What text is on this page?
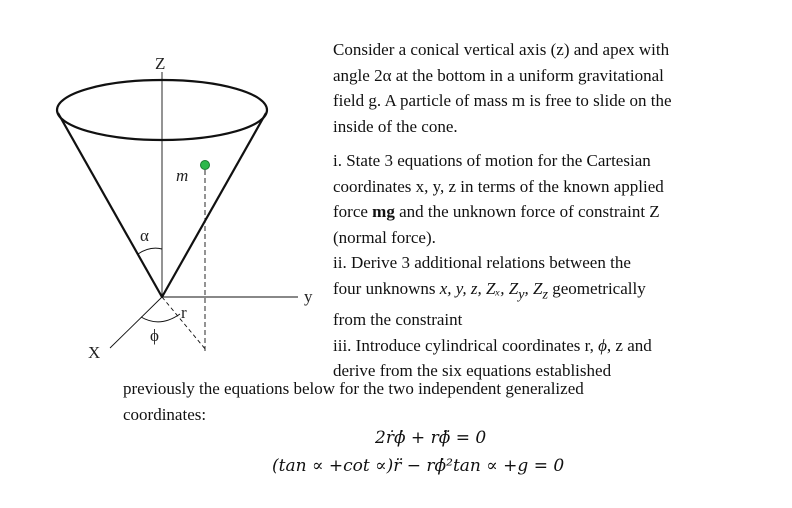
Z
m
α
y
r
ϕ
X
Consider a conical vertical axis (z) and apex with
angle 2α at the bottom in a uniform gravitational
field g. A particle of mass m is free to slide on the
inside of the cone.
i. State 3 equations of motion for the Cartesian
coordinates x, y, z in terms of the known applied
force mg and the unknown force of constraint Z
(normal force).
ii. Derive 3 additional relations between the
four unknowns x, y, z, Zₓ, $Z_y$, $Z_z$ geometrically
from the constraint
iii. Introduce cylindrical coordinates r, ϕ, z and
derive from the six equations established
previously the equations below for the two independent generalized
coordinates:
2ṙϕ̇ + rϕ̈ = 0
(tan ∝ +cot ∝)r̈ − rϕ̇²tan ∝ +g = 0
